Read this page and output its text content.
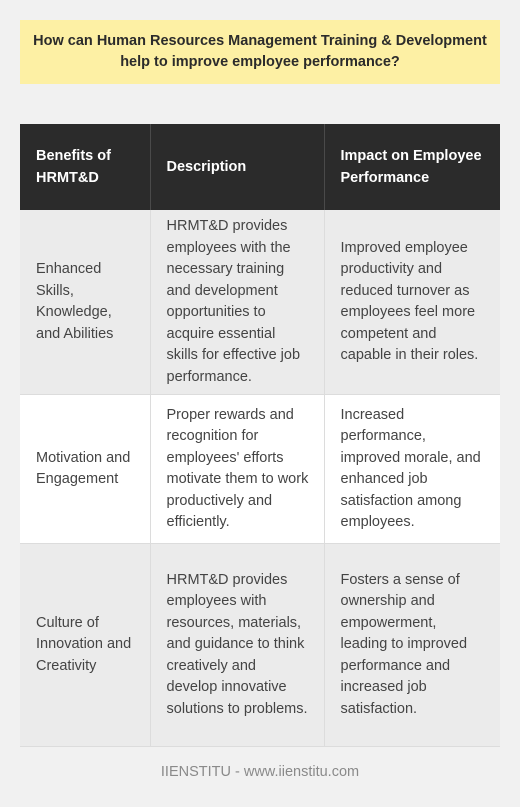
How can Human Resources Management Training & Development help to improve employee performance?
Benefits of HRMT&D	Description	Impact on Employee Performance
Enhanced Skills, Knowledge, and Abilities	HRMT&D provides employees with the necessary training and development opportunities to acquire essential skills for effective job performance.	Improved employee productivity and reduced turnover as employees feel more competent and capable in their roles.
Motivation and Engagement	Proper rewards and recognition for employees' efforts motivate them to work productively and efficiently.	Increased performance, improved morale, and enhanced job satisfaction among employees.
Culture of Innovation and Creativity	HRMT&D provides employees with resources, materials, and guidance to think creatively and develop innovative solutions to problems.	Fosters a sense of ownership and empowerment, leading to improved performance and increased job satisfaction.
IIENSTITU - www.iienstitu.com
